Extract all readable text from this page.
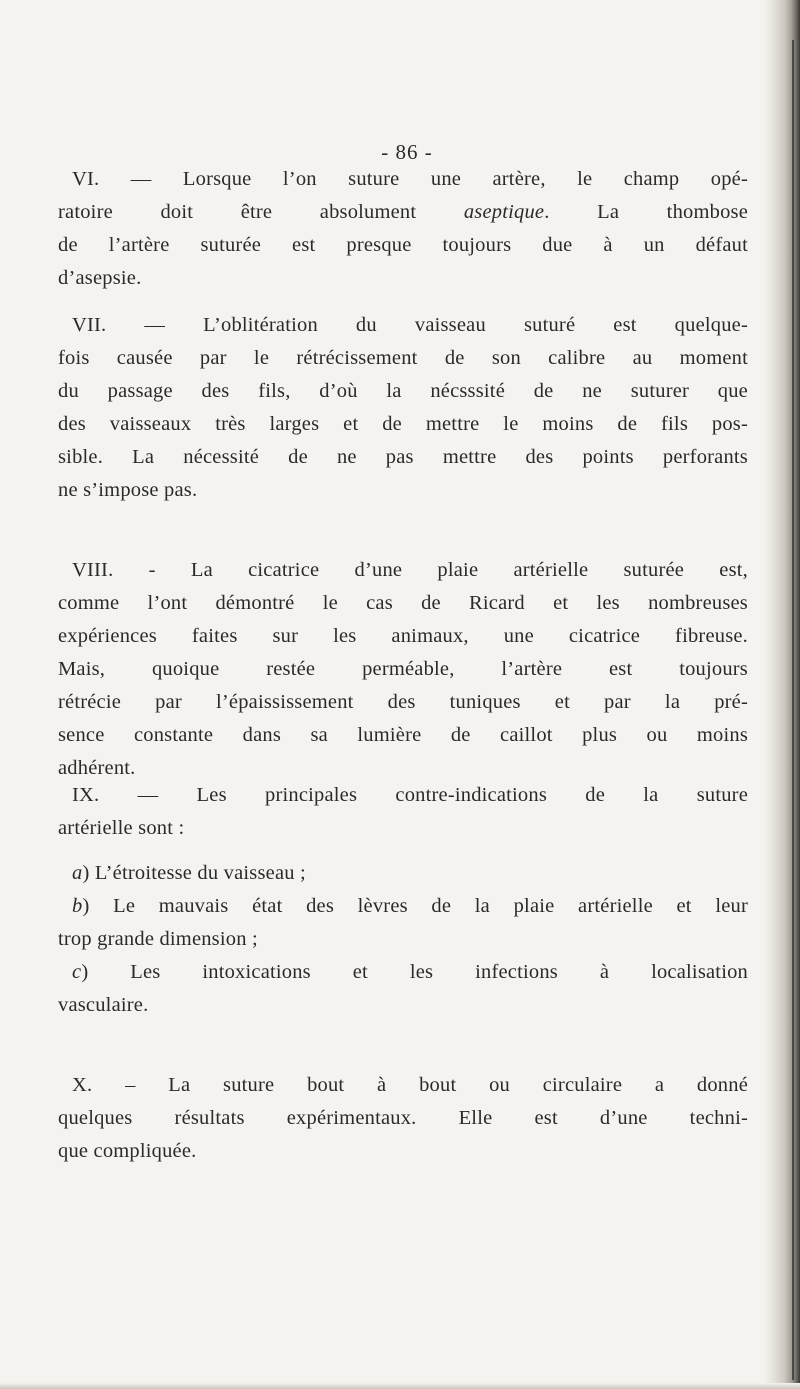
- 86 -
VI. — Lorsque l’on suture une artère, le champ opé-
ratoire doit être absolument aseptique. La thombose
de l’artère suturée est presque toujours due à un défaut
d’asepsie.
VII. — L’oblitération du vaisseau suturé est quelque-
fois causée par le rétrécissement de son calibre au moment
du passage des fils, d’où la nécsssité de ne suturer que
des vaisseaux très larges et de mettre le moins de fils pos-
sible. La nécessité de ne pas mettre des points perforants
ne s’impose pas.
VIII. - La cicatrice d’une plaie artérielle suturée est,
comme l’ont démontré le cas de Ricard et les nombreuses
expériences faites sur les animaux, une cicatrice fibreuse.
Mais, quoique restée perméable, l’artère est toujours
rétrécie par l’épaississement des tuniques et par la pré-
sence constante dans sa lumière de caillot plus ou moins
adhérent.
IX. — Les principales contre-indications de la suture
artérielle sont :
a) L’étroitesse du vaisseau ;
b) Le mauvais état des lèvres de la plaie artérielle et leur
trop grande dimension ;
c) Les intoxications et les infections à localisation
vasculaire.
X. – La suture bout à bout ou circulaire a donné
quelques résultats expérimentaux. Elle est d’une techni-
que compliquée.
